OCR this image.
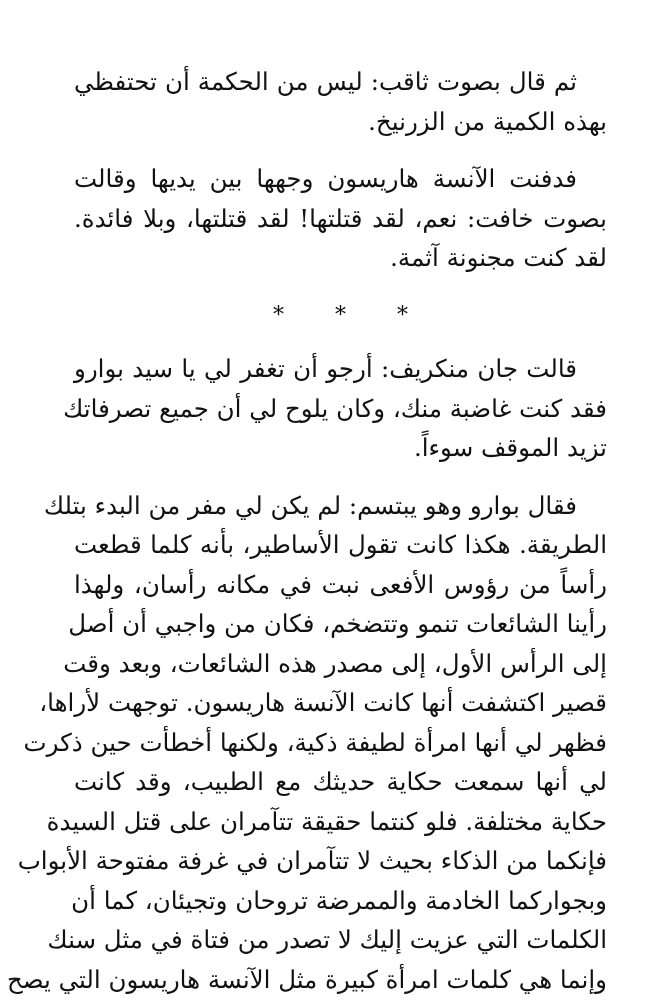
ثم قال بصوت ثاقب: ليس من الحكمة أن تحتفظي
بهذه الكمية من الزرنيخ.

فدفنت الآنسة هاريسون وجهها بين يديها وقالت
بصوت خافت: نعم، لقد قتلتها! لقد قتلتها، وبلا فائدة.
لقد كنت مجنونة آثمة.

* * *

قالت جان منكريف: أرجو أن تغفر لي يا سيد بوارو
فقد كنت غاضبة منك، وكان يلوح لي أن جميع تصرفاتك
تزيد الموقف سوءاً.

فقال بوارو وهو يبتسم: لم يكن لي مفر من البدء بتلك
الطريقة. هكذا كانت تقول الأساطير، بأنه كلما قطعت
رأساً من رؤوس الأفعى نبت في مكانه رأسان، ولهذا
رأينا الشائعات تنمو وتتضخم، فكان من واجبي أن أصل
إلى الرأس الأول، إلى مصدر هذه الشائعات، وبعد وقت
قصير اكتشفت أنها كانت الآنسة هاريسون. توجهت لأراها،
فظهر لي أنها امرأة لطيفة ذكية، ولكنها أخطأت حين ذكرت
لي أنها سمعت حكاية حديثك مع الطبيب، وقد كانت
حكاية مختلفة. فلو كنتما حقيقة تتآمران على قتل السيدة
فإنكما من الذكاء بحيث لا تتآمران في غرفة مفتوحة الأبواب
وبجواركما الخادمة والممرضة تروحان وتجيئان، كما أن
الكلمات التي عزيت إليك لا تصدر من فتاة في مثل سنك
وإنما هي كلمات امرأة كبيرة مثل الآنسة هاريسون التي يصح
